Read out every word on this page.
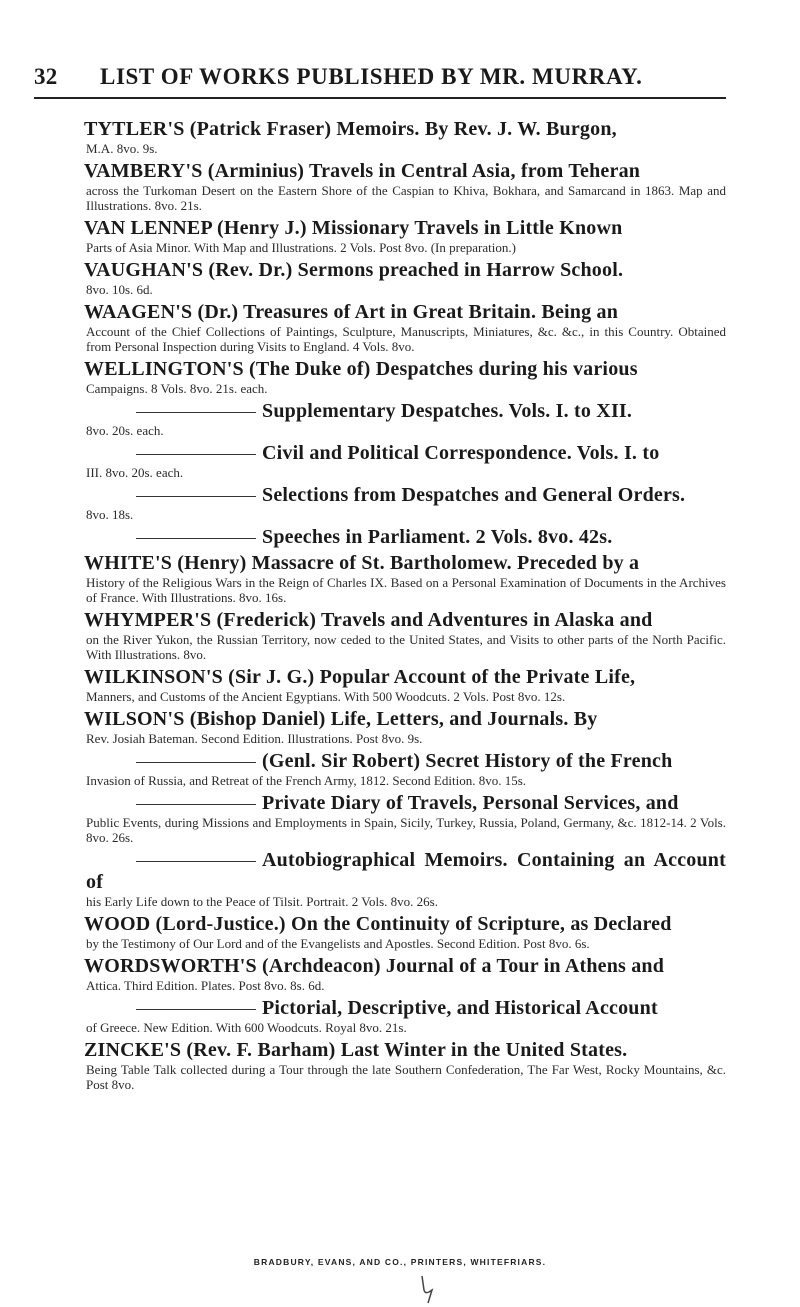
32	LIST OF WORKS PUBLISHED BY MR. MURRAY.
TYTLER'S (Patrick Fraser) Memoirs. By Rev. J. W. Burgon,
M.A. 8vo. 9s.
VAMBERY'S (Arminius) Travels in Central Asia, from Teheran
across the Turkoman Desert on the Eastern Shore of the Caspian to Khiva, Bokhara, and Samarcand in 1863. Map and Illustrations. 8vo. 21s.
VAN LENNEP (Henry J.) Missionary Travels in Little Known
Parts of Asia Minor. With Map and Illustrations. 2 Vols. Post 8vo. (In preparation.)
VAUGHAN'S (Rev. Dr.) Sermons preached in Harrow School.
8vo. 10s. 6d.
WAAGEN'S (Dr.) Treasures of Art in Great Britain. Being an
Account of the Chief Collections of Paintings, Sculpture, Manuscripts, Miniatures, &c. &c., in this Country. Obtained from Personal Inspection during Visits to England. 4 Vols. 8vo.
WELLINGTON'S (The Duke of) Despatches during his various
Campaigns. 8 Vols. 8vo. 21s. each.
Supplementary Despatches. Vols. I. to XII.
8vo. 20s. each.
Civil and Political Correspondence. Vols. I. to
III. 8vo. 20s. each.
Selections from Despatches and General Orders.
8vo. 18s.
Speeches in Parliament. 2 Vols. 8vo. 42s.
WHITE'S (Henry) Massacre of St. Bartholomew. Preceded by a
History of the Religious Wars in the Reign of Charles IX. Based on a Personal Examination of Documents in the Archives of France. With Illustrations. 8vo. 16s.
WHYMPER'S (Frederick) Travels and Adventures in Alaska and
on the River Yukon, the Russian Territory, now ceded to the United States, and Visits to other parts of the North Pacific. With Illustrations. 8vo.
WILKINSON'S (Sir J. G.) Popular Account of the Private Life,
Manners, and Customs of the Ancient Egyptians. With 500 Woodcuts. 2 Vols. Post 8vo. 12s.
WILSON'S (Bishop Daniel) Life, Letters, and Journals. By
Rev. Josiah Bateman. Second Edition. Illustrations. Post 8vo. 9s.
(Genl. Sir Robert) Secret History of the French
Invasion of Russia, and Retreat of the French Army, 1812. Second Edition. 8vo. 15s.
Private Diary of Travels, Personal Services, and
Public Events, during Missions and Employments in Spain, Sicily, Turkey, Russia, Poland, Germany, &c. 1812-14. 2 Vols. 8vo. 26s.
Autobiographical Memoirs. Containing an Account of
his Early Life down to the Peace of Tilsit. Portrait. 2 Vols. 8vo. 26s.
WOOD (Lord-Justice.) On the Continuity of Scripture, as Declared
by the Testimony of Our Lord and of the Evangelists and Apostles. Second Edition. Post 8vo. 6s.
WORDSWORTH'S (Archdeacon) Journal of a Tour in Athens and
Attica. Third Edition. Plates. Post 8vo. 8s. 6d.
Pictorial, Descriptive, and Historical Account
of Greece. New Edition. With 600 Woodcuts. Royal 8vo. 21s.
ZINCKE'S (Rev. F. Barham) Last Winter in the United States.
Being Table Talk collected during a Tour through the late Southern Confederation, The Far West, Rocky Mountains, &c. Post 8vo.
BRADBURY, EVANS, AND CO., PRINTERS, WHITEFRIARS.
